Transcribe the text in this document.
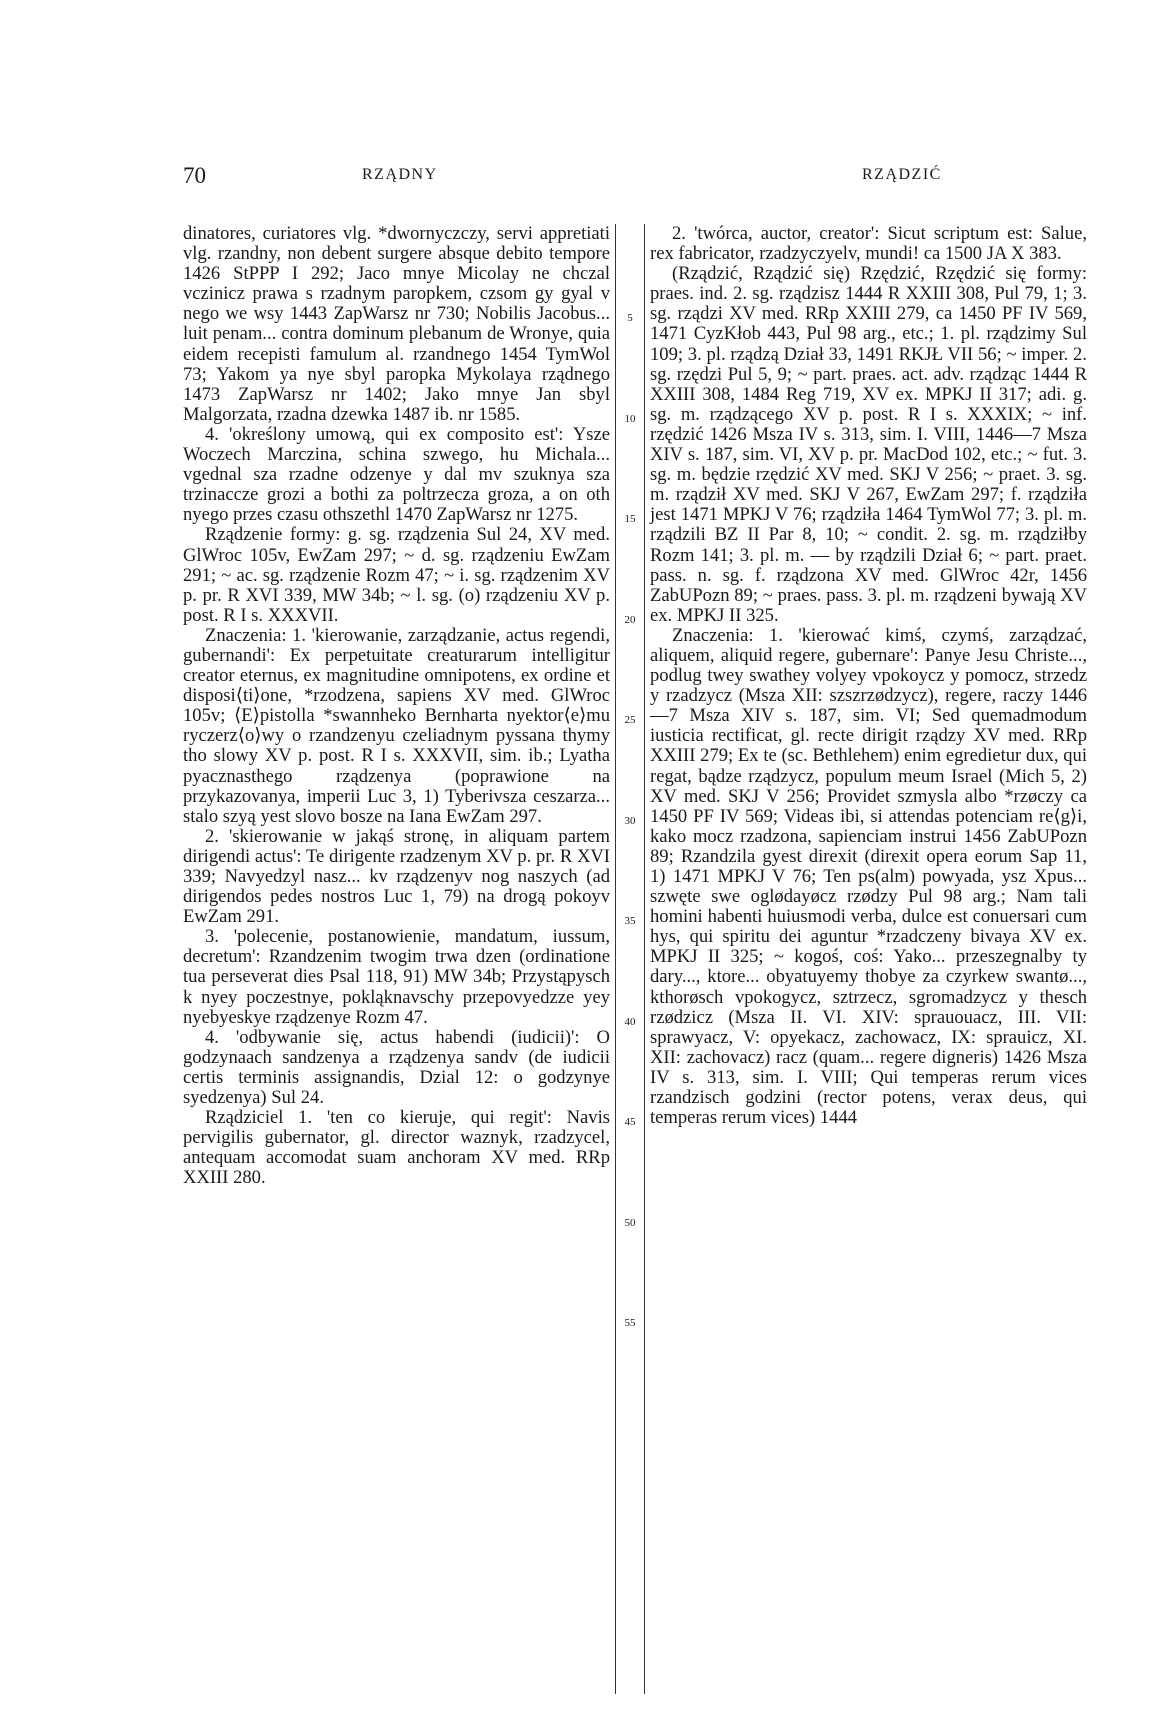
70	RZĄDNY	RZĄDZIĆ

dinatores, curiatores vlg. *dwornyczczy, servi appretiati vlg. rzandny, non debent surgere absque debito tempore 1426 StPPP I 292; Jaco mnye Micolay ne chczal vczinicz prawa s rzadnym paropkem, czsom gy gyal v nego we wsy 1443 ZapWarsz nr 730; Nobilis Jacobus... luit penam... contra dominum plebanum de Wronye, quia eidem recepisti famulum al. rzandnego 1454 TymWol 73; Yakom ya nye sbyl paropka Mykolaya rządnego 1473 ZapWarsz nr 1402; Jako mnye Jan sbyl Malgorzata, rzadna dzewka 1487 ib. nr 1585.

4. 'określony umową, qui ex composito est': Ysze Woczech Marczina, schina szwego, hu Michala... vgednal sza rzadne odzenye y dal mv szuknya sza trzinaccze grozi a bothi za poltrzecza groza, a on oth nyego przes czasu othszethl 1470 ZapWarsz nr 1275.

Rządzenie formy: g. sg. rządzenia Sul 24, XV med. GlWroc 105v, EwZam 297; ~ d. sg. rządzeniu EwZam 291; ~ ac. sg. rządzenie Rozm 47; ~ i. sg. rządzenim XV p. pr. R XVI 339, MW 34b; ~ l. sg. (o) rządzeniu XV p. post. R I s. XXXVII.

Znaczenia: 1. 'kierowanie, zarządzanie, actus regendi, gubernandi': Ex perpetuitate creaturarum intelligitur creator eternus, ex magnitudine omnipotens, ex ordine et disposi⟨ti⟩one, *rzodzena, sapiens XV med. GlWroc 105v; ⟨E⟩pistolla *swannheko Bernharta nyektor⟨e⟩mu ryczerz⟨o⟩wy o rzandzenyu czeliadnym pyssana thymy tho slowy XV p. post. R I s. XXXVII, sim. ib.; Lyatha pyacznasthego rządzenya (poprawione na przykazovanya, imperii Luc 3, 1) Tyberivsza ceszarza... stalo szyą yest slovo bosze na Iana EwZam 297.

2. 'skierowanie w jakąś stronę, in aliquam partem dirigendi actus': Te dirigente rzadzenym XV p. pr. R XVI 339; Navyedzyl nasz... kv rządzenyv nog naszych (ad dirigendos pedes nostros Luc 1, 79) na drogą pokoyv EwZam 291.

3. 'polecenie, postanowienie, mandatum, iussum, decretum': Rzandzenim twogim trwa dzen (ordinatione tua perseverat dies Psal 118, 91) MW 34b; Przystąpysch k nyey poczestnye, pokląknavschy przepovyedzze yey nyebyeskye rządzenye Rozm 47.

4. 'odbywanie się, actus habendi (iudicii)': O godzynaach sandzenya a rządzenya sandv (de iudicii certis terminis assignandis, Dzial 12: o godzynye syedzenya) Sul 24.

Rządziciel 1. 'ten co kieruje, qui regit': Navis pervigilis gubernator, gl. director waznyk, rzadzycel, antequam accomodat suam anchoram XV med. RRp XXIII 280.

5
10
15
20
25
30
35
40
45
50
55

2. 'twórca, auctor, creator': Sicut scriptum est: Salue, rex fabricator, rzadzyczyelv, mundi! ca 1500 JA X 383.

(Rządzić, Rządzić się) Rzędzić, Rzędzić się formy: praes. ind. 2. sg. rządzisz 1444 R XXIII 308, Pul 79, 1; 3. sg. rządzi XV med. RRp XXIII 279, ca 1450 PF IV 569, 1471 CyzKłob 443, Pul 98 arg., etc.; 1. pl. rządzimy Sul 109; 3. pl. rządzą Dział 33, 1491 RKJŁ VII 56; ~ imper. 2. sg. rzędzi Pul 5, 9; ~ part. praes. act. adv. rządząc 1444 R XXIII 308, 1484 Reg 719, XV ex. MPKJ II 317; adi. g. sg. m. rządzącego XV p. post. R I s. XXXIX; ~ inf. rzędzić 1426 Msza IV s. 313, sim. I. VIII, 1446—7 Msza XIV s. 187, sim. VI, XV p. pr. MacDod 102, etc.; ~ fut. 3. sg. m. będzie rzędzić XV med. SKJ V 256; ~ praet. 3. sg. m. rządził XV med. SKJ V 267, EwZam 297; f. rządziła jest 1471 MPKJ V 76; rządziła 1464 TymWol 77; 3. pl. m. rządzili BZ II Par 8, 10; ~ condit. 2. sg. m. rządziłby Rozm 141; 3. pl. m. — by rządzili Dział 6; ~ part. praet. pass. n. sg. f. rządzona XV med. GlWroc 42r, 1456 ZabUPozn 89; ~ praes. pass. 3. pl. m. rządzeni bywają XV ex. MPKJ II 325.

Znaczenia: 1. 'kierować kimś, czymś, zarządzać, aliquem, aliquid regere, gubernare': Panye Jesu Christe..., podlug twey swathey volyey vpokoycz y pomocz, strzedz y rzadzycz (Msza XII: szszrzødzycz), regere, raczy 1446—7 Msza XIV s. 187, sim. VI; Sed quemadmodum iusticia rectificat, gl. recte dirigit rządzy XV med. RRp XXIII 279; Ex te (sc. Bethlehem) enim egredietur dux, qui regat, bądze rządzycz, populum meum Israel (Mich 5, 2) XV med. SKJ V 256; Providet szmysla albo *rzøczy ca 1450 PF IV 569; Videas ibi, si attendas potenciam re⟨g⟩i, kako mocz rzadzona, sapienciam instrui 1456 ZabUPozn 89; Rzandzila gyest direxit (direxit opera eorum Sap 11, 1) 1471 MPKJ V 76; Ten ps(alm) powyada, ysz Xpus... szwęte swe oglødayøcz rzødzy Pul 98 arg.; Nam tali homini habenti huiusmodi verba, dulce est conuersari cum hys, qui spiritu dei aguntur *rzadczeny bivaya XV ex. MPKJ II 325; ~ kogoś, coś: Yako... przeszegnalby ty dary..., ktore... obyatuyemy thobye za czyrkew swantø..., kthorøsch vpokogycz, sztrzecz, sgromadzycz y thesch rzødzicz (Msza II. VI. XIV: sprauouacz, III. VII: sprawyacz, V: opyekacz, zachowacz, IX: sprauicz, XI. XII: zachovacz) racz (quam... regere digneris) 1426 Msza IV s. 313, sim. I. VIII; Qui temperas rerum vices rzandzisch godzini (rector potens, verax deus, qui temperas rerum vices) 1444
